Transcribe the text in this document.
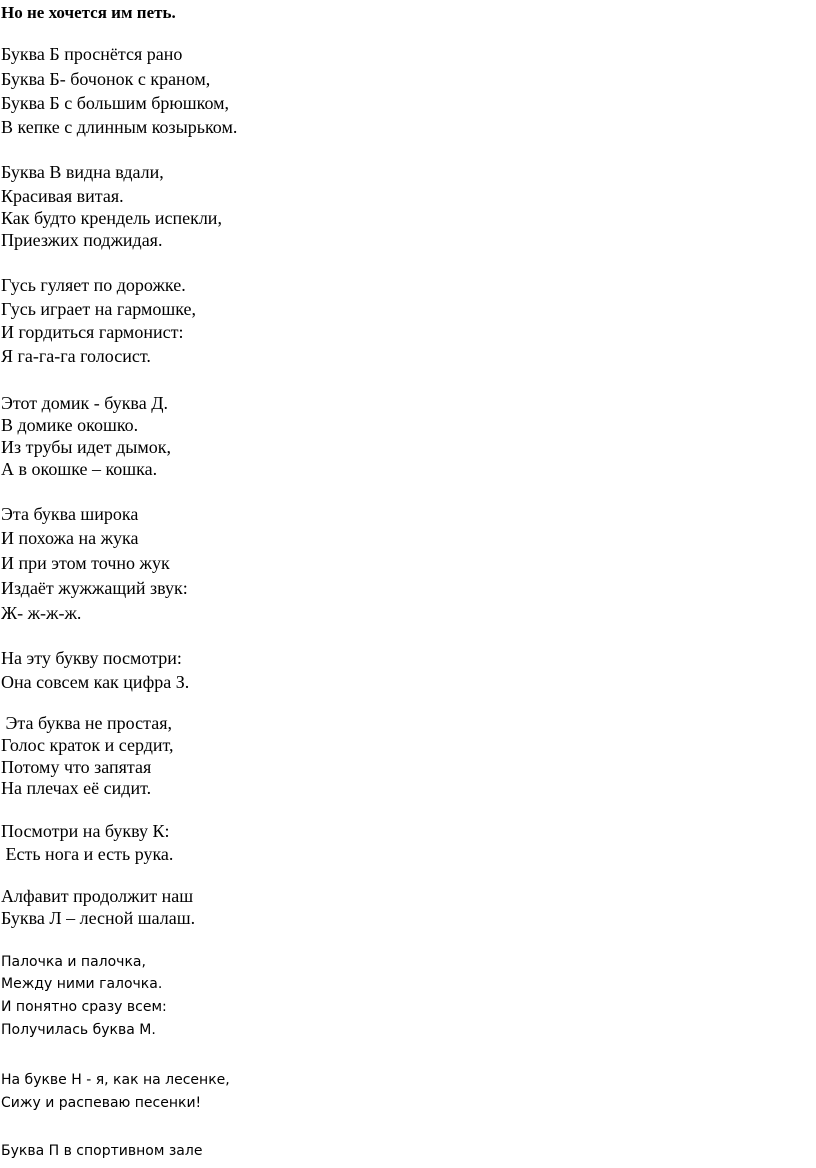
Но не хочется им петь.
Буква Б проснётся рано
Буква Б- бочонок с краном,
Буква Б с большим брюшком,
В кепке с длинным козырьком.
Буква В видна вдали,
Красивая витая.
Как будто крендель испекли,
Приезжих поджидая.
Гусь гуляет по дорожке.
Гусь играет на гармошке,
И гордиться гармонист:
Я га-га-га голосист.
Этот домик - буква Д.
В домике окошко.
Из трубы идет дымок,
А в окошке – кошка.
Эта буква широка
И похожа на жука
И при этом точно жук
Издаёт жужжащий звук:
Ж- ж-ж-ж.
На эту букву посмотри:
Она совсем как цифра З.
Эта буква не простая,
Голос краток и сердит,
Потому что запятая
На плечах её сидит.
Посмотри на букву К:
Есть нога и есть рука.
Алфавит продолжит наш
Буква Л – лесной шалаш.
Палочка и палочка,
Между ними галочка.
И понятно сразу всем:
Получилась буква М.
На букве Н - я, как на лесенке,
Сижу и распеваю песенки!
Буква П в спортивном зале
